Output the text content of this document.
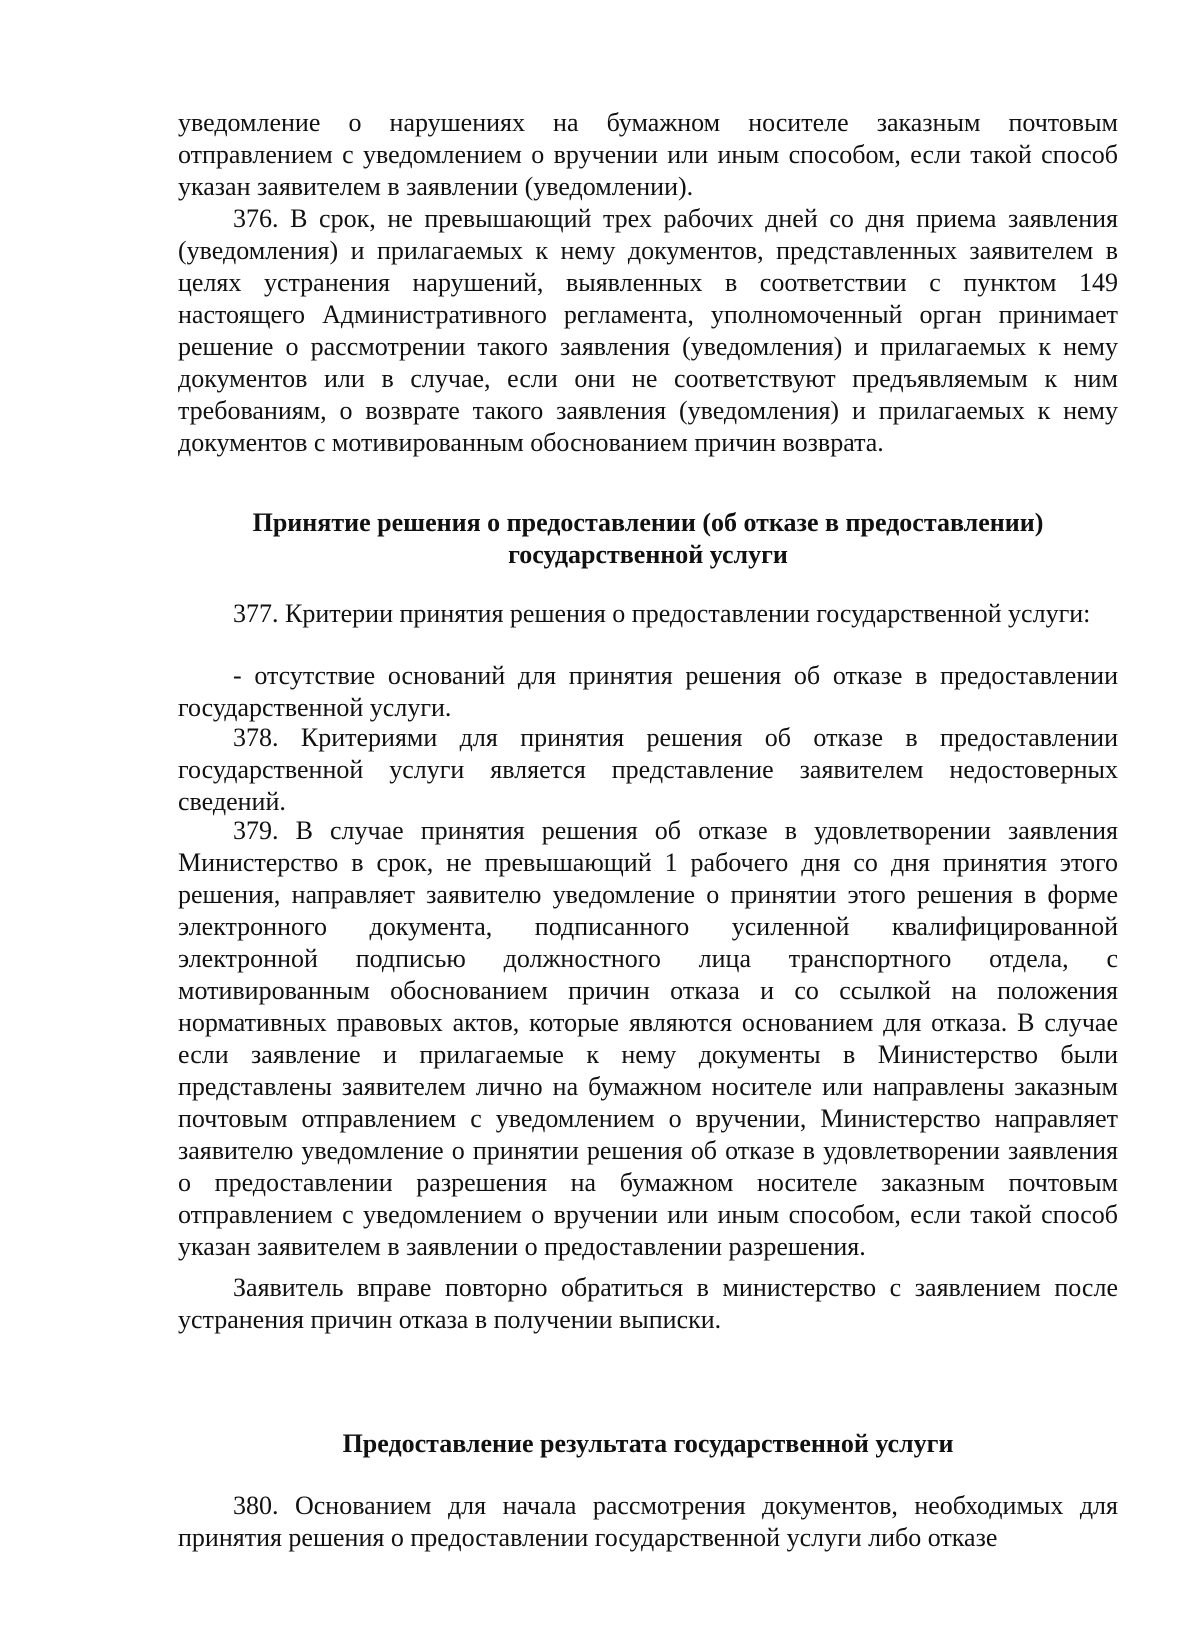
уведомление о нарушениях на бумажном носителе заказным почтовым отправлением с уведомлением о вручении или иным способом, если такой способ указан заявителем в заявлении (уведомлении).

376. В срок, не превышающий трех рабочих дней со дня приема заявления (уведомления) и прилагаемых к нему документов, представленных заявителем в целях устранения нарушений, выявленных в соответствии с пунктом 149 настоящего Административного регламента, уполномоченный орган принимает решение о рассмотрении такого заявления (уведомления) и прилагаемых к нему документов или в случае, если они не соответствуют предъявляемым к ним требованиям, о возврате такого заявления (уведомления) и прилагаемых к нему документов с мотивированным обоснованием причин возврата.

Принятие решения о предоставлении (об отказе в предоставлении)
государственной услуги

377. Критерии принятия решения о предоставлении государственной услуги:

- отсутствие оснований для принятия решения об отказе в предоставлении государственной услуги.

378. Критериями для принятия решения об отказе в предоставлении государственной услуги является представление заявителем недостоверных сведений.

379. В случае принятия решения об отказе в удовлетворении заявления Министерство в срок, не превышающий 1 рабочего дня со дня принятия этого решения, направляет заявителю уведомление о принятии этого решения в форме электронного документа, подписанного усиленной квалифицированной электронной подписью должностного лица транспортного отдела, с мотивированным обоснованием причин отказа и со ссылкой на положения нормативных правовых актов, которые являются основанием для отказа. В случае если заявление и прилагаемые к нему документы в Министерство были представлены заявителем лично на бумажном носителе или направлены заказным почтовым отправлением с уведомлением о вручении, Министерство направляет заявителю уведомление о принятии решения об отказе в удовлетворении заявления о предоставлении разрешения на бумажном носителе заказным почтовым отправлением с уведомлением о вручении или иным способом, если такой способ указан заявителем в заявлении о предоставлении разрешения.

Заявитель вправе повторно обратиться в министерство с заявлением после устранения причин отказа в получении выписки.

Предоставление результата государственной услуги

380. Основанием для начала рассмотрения документов, необходимых для принятия решения о предоставлении государственной услуги либо отказе
